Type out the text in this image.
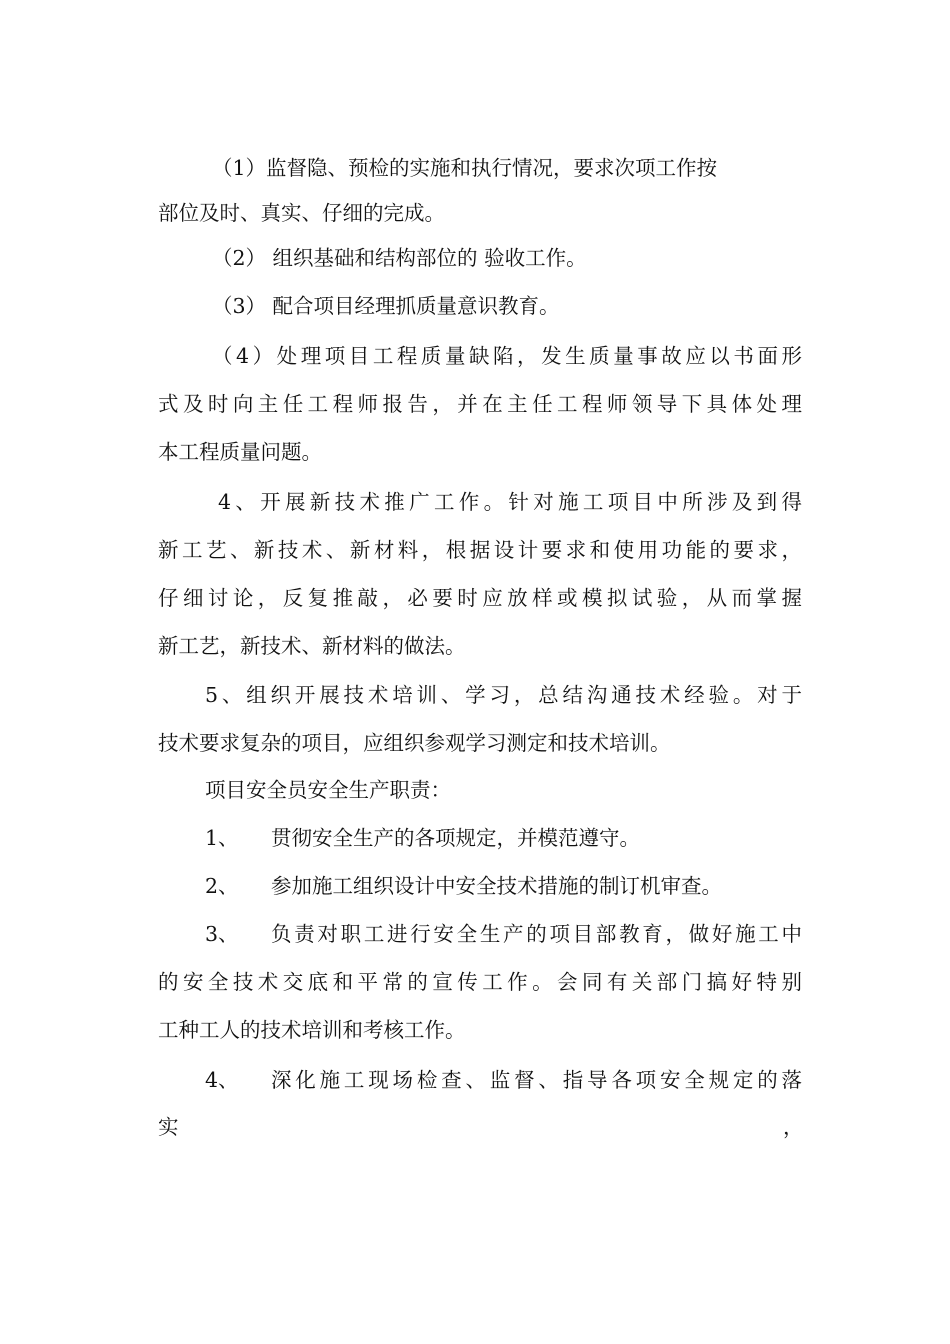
（1）监督隐、预检的实施和执行情况，要求次项工作按
部位及时、真实、仔细的完成。
（2） 组织基础和结构部位的 验收工作。
（3） 配合项目经理抓质量意识教育。
（4）处理项目工程质量缺陷，发生质量事故应以书面形
式及时向主任工程师报告，并在主任工程师领导下具体处理
本工程质量问题。
4、开展新技术推广工作。针对施工项目中所涉及到得
新工艺、新技术、新材料，根据设计要求和使用功能的要求，
仔细讨论，反复推敲，必要时应放样或模拟试验，从而掌握
新工艺，新技术、新材料的做法。
5、组织开展技术培训、学习，总结沟通技术经验。对于
技术要求复杂的项目，应组织参观学习测定和技术培训。
项目安全员安全生产职责：
1、 贯彻安全生产的各项规定，并模范遵守。
2、 参加施工组织设计中安全技术措施的制订机审查。
3、 负责对职工进行安全生产的项目部教育，做好施工中
的安全技术交底和平常的宣传工作。会同有关部门搞好特别
工种工人的技术培训和考核工作。
4、 深化施工现场检查、监督、指导各项安全规定的落
实	，
